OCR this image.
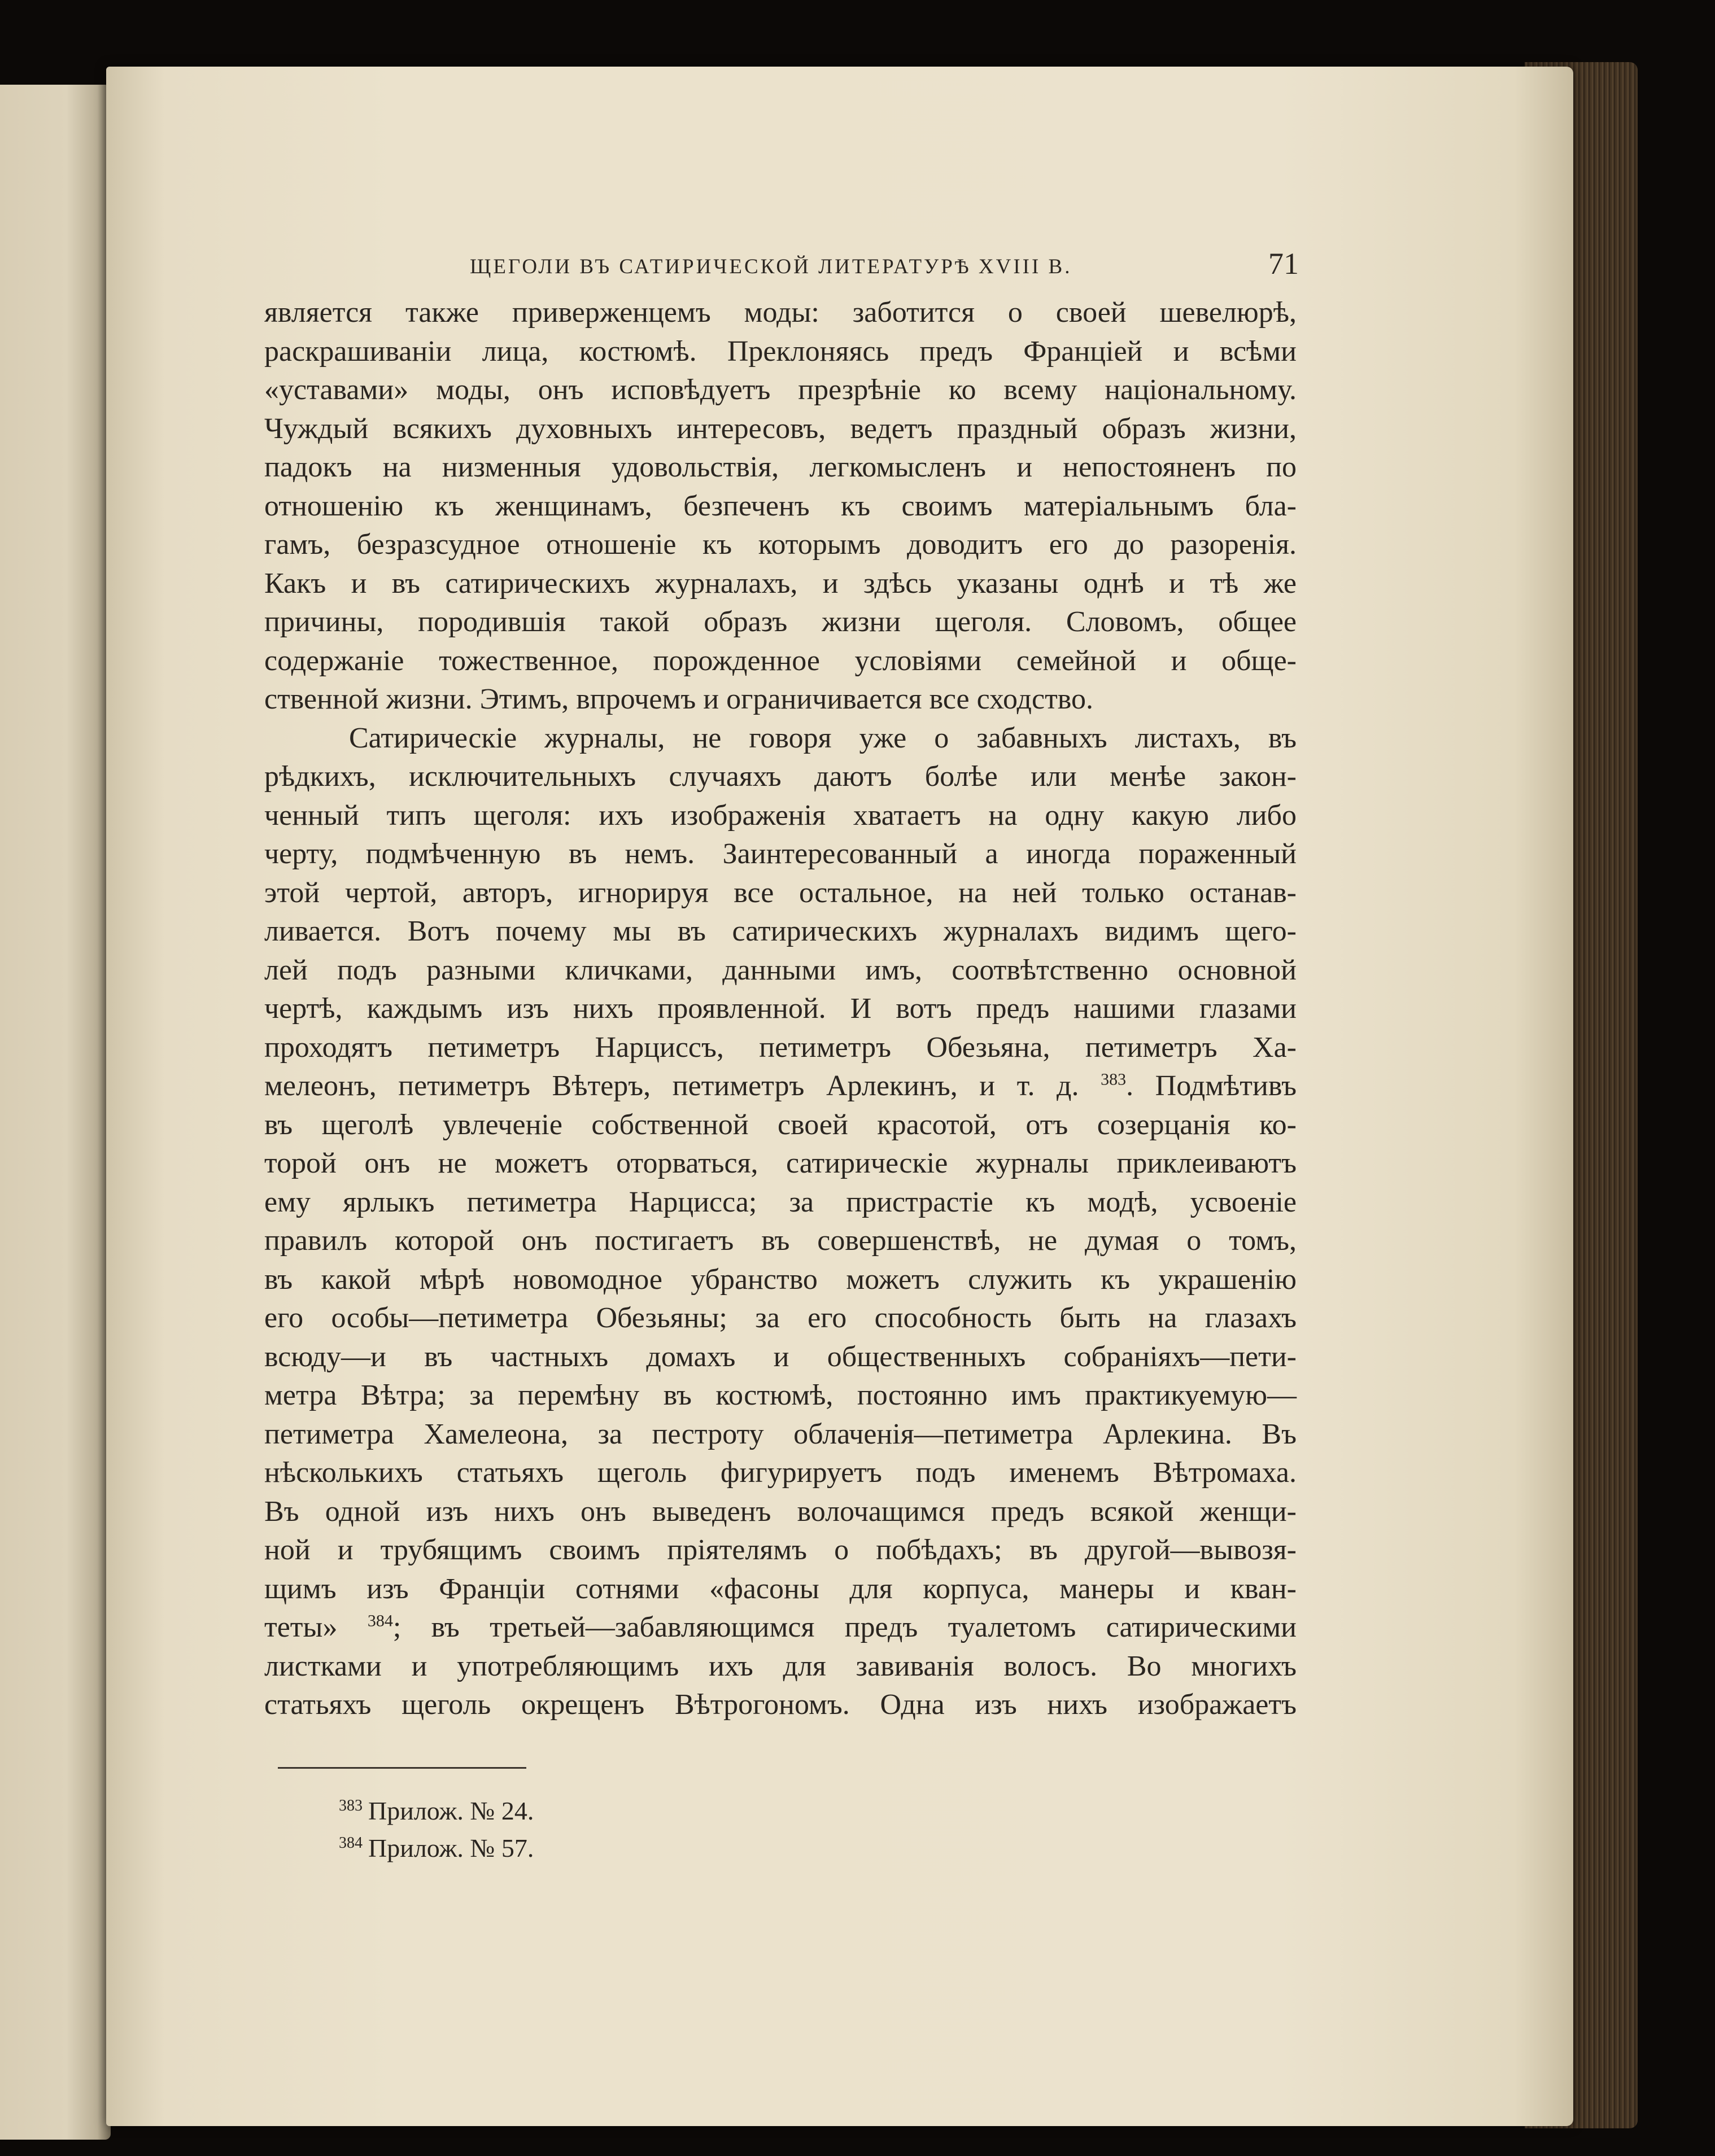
ЩЕГОЛИ ВЪ САТИРИЧЕСКОЙ ЛИТЕРАТУРѢ XVIII В.	71
является также приверженцемъ моды: заботится о своей шевелюрѣ,
раскрашиваніи лица, костюмѣ. Преклоняясь предъ Франціей и всѣми
«уставами» моды, онъ исповѣдуетъ презрѣніе ко всему національному.
Чуждый всякихъ духовныхъ интересовъ, ведетъ праздный образъ жизни,
падокъ на низменныя удовольствія, легкомысленъ и непостояненъ по
отношенію къ женщинамъ, безпеченъ къ своимъ матеріальнымъ бла-
гамъ, безразсудное отношеніе къ которымъ доводитъ его до разоренія.
Какъ и въ сатирическихъ журналахъ, и здѣсь указаны однѣ и тѣ же
причины, породившія такой образъ жизни щеголя. Словомъ, общее
содержаніе тожественное, порожденное условіями семейной и обще-
ственной жизни. Этимъ, впрочемъ и ограничивается все сходство.
Сатирическіе журналы, не говоря уже о забавныхъ листахъ, въ
рѣдкихъ, исключительныхъ случаяхъ даютъ болѣе или менѣе закон-
ченный типъ щеголя: ихъ изображенія хватаетъ на одну какую либо
черту, подмѣченную въ немъ. Заинтересованный а иногда пораженный
этой чертой, авторъ, игнорируя все остальное, на ней только останав-
ливается. Вотъ почему мы въ сатирическихъ журналахъ видимъ щего-
лей подъ разными кличками, данными имъ, соотвѣтственно основной
чертѣ, каждымъ изъ нихъ проявленной. И вотъ предъ нашими глазами
проходятъ петиметръ Нарциссъ, петиметръ Обезьяна, петиметръ Ха-
мелеонъ, петиметръ Вѣтеръ, петиметръ Арлекинъ, и т. д. $^{383}$. Подмѣтивъ
въ щеголѣ увлеченіе собственной своей красотой, отъ созерцанія ко-
торой онъ не можетъ оторваться, сатирическіе журналы приклеиваютъ
ему ярлыкъ петиметра Нарцисса; за пристрастіе къ модѣ, усвоеніе
правилъ которой онъ постигаетъ въ совершенствѣ, не думая о томъ,
въ какой мѣрѣ новомодное убранство можетъ служить къ украшенію
его особы—петиметра Обезьяны; за его способность быть на глазахъ
всюду—и въ частныхъ домахъ и общественныхъ собраніяхъ—пети-
метра Вѣтра; за перемѣну въ костюмѣ, постоянно имъ практикуемую—
петиметра Хамелеона, за пестроту облаченія—петиметра Арлекина. Въ
нѣсколькихъ статьяхъ щеголь фигурируетъ подъ именемъ Вѣтромаха.
Въ одной изъ нихъ онъ выведенъ волочащимся предъ всякой женщи-
ной и трубящимъ своимъ пріятелямъ о побѣдахъ; въ другой—вывозя-
щимъ изъ Франціи сотнями «фасоны для корпуса, манеры и кван-
теты» $^{384}$; въ третьей—забавляющимся предъ туалетомъ сатирическими
листками и употребляющимъ ихъ для завиванія волосъ. Во многихъ
статьяхъ щеголь окрещенъ Вѣтрогономъ. Одна изъ нихъ изображаетъ
$^{383}$ Прилож. № 24.
$^{384}$ Прилож. № 57.
